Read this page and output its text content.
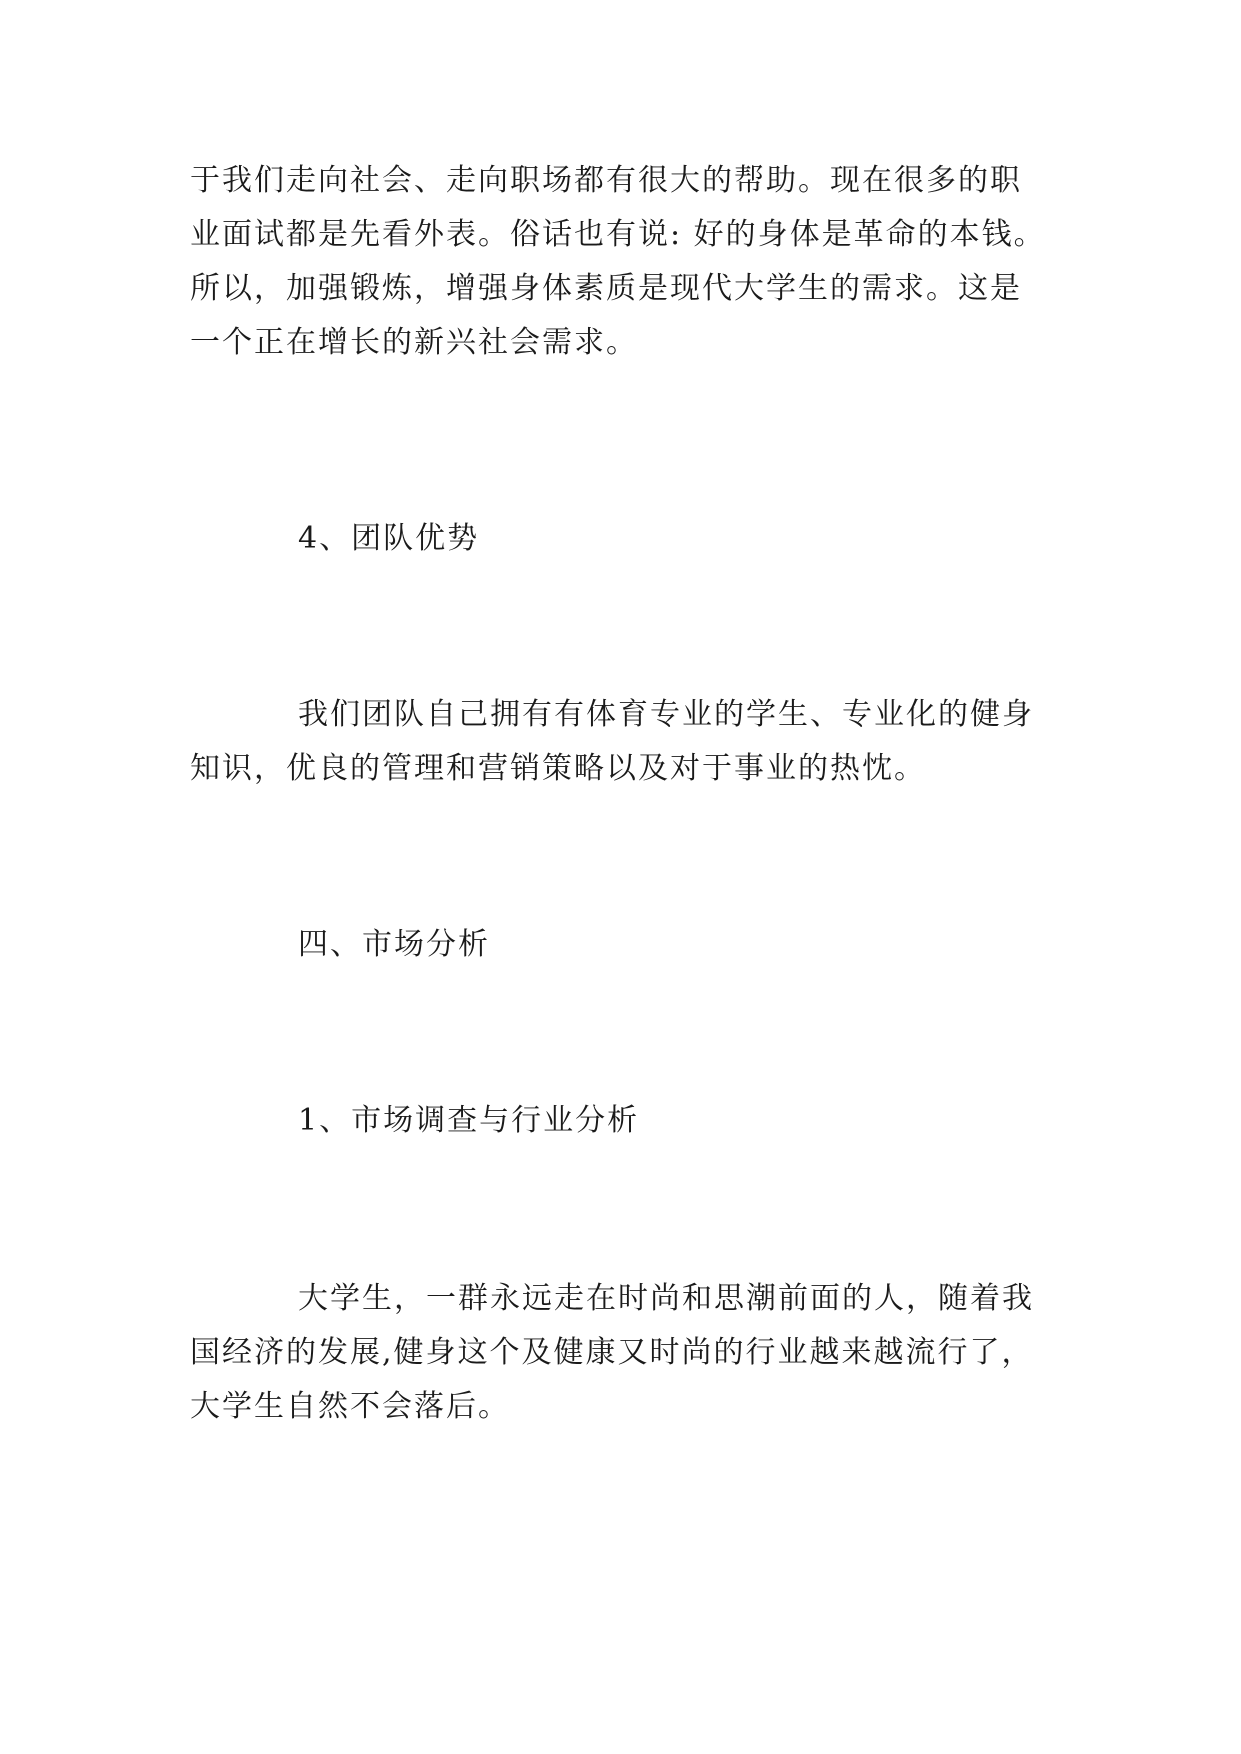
于我们走向社会、走向职场都有很大的帮助。现在很多的职
业面试都是先看外表。俗话也有说: 好的身体是革命的本钱。
所以，加强锻炼，增强身体素质是现代大学生的需求。这是
一个正在增长的新兴社会需求。
4、团队优势
我们团队自己拥有有体育专业的学生、专业化的健身
知识，优良的管理和营销策略以及对于事业的热忱。
四、市场分析
1、市场调查与行业分析
大学生，一群永远走在时尚和思潮前面的人，随着我
国经济的发展,健身这个及健康又时尚的行业越来越流行了，
大学生自然不会落后。
